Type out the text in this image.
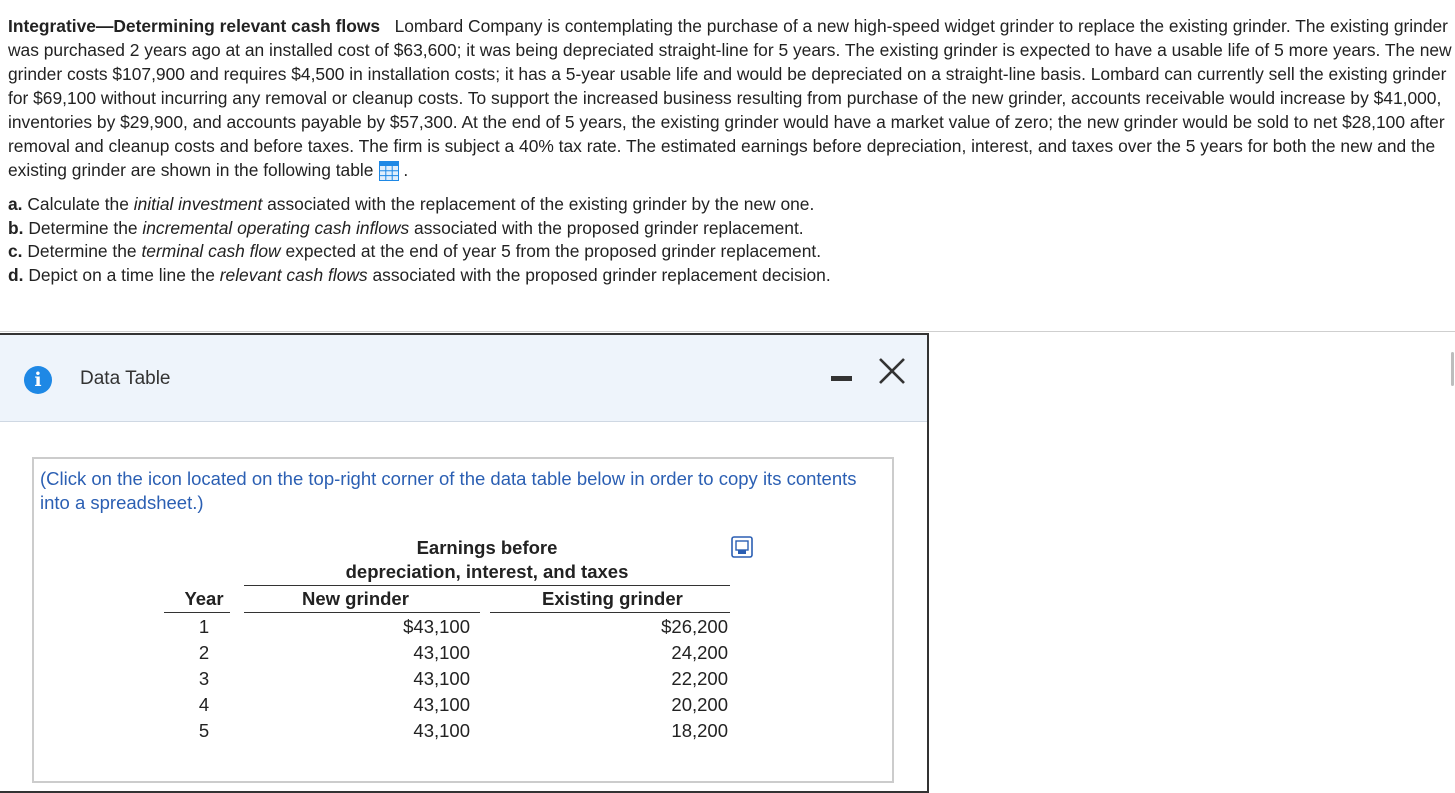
Integrative—Determining relevant cash flows Lombard Company is contemplating the purchase of a new high-speed widget grinder to replace the existing grinder. The existing grinder was purchased 2 years ago at an installed cost of $63,600; it was being depreciated straight-line for 5 years. The existing grinder is expected to have a usable life of 5 more years. The new grinder costs $107,900 and requires $4,500 in installation costs; it has a 5-year usable life and would be depreciated on a straight-line basis. Lombard can currently sell the existing grinder for $69,100 without incurring any removal or cleanup costs. To support the increased business resulting from purchase of the new grinder, accounts receivable would increase by $41,000, inventories by $29,900, and accounts payable by $57,300. At the end of 5 years, the existing grinder would have a market value of zero; the new grinder would be sold to net $28,100 after removal and cleanup costs and before taxes. The firm is subject a 40% tax rate. The estimated earnings before depreciation, interest, and taxes over the 5 years for both the new and the existing grinder are shown in the following table .

a. Calculate the initial investment associated with the replacement of the existing grinder by the new one.
b. Determine the incremental operating cash inflows associated with the proposed grinder replacement.
c. Determine the terminal cash flow expected at the end of year 5 from the proposed grinder replacement.
d. Depict on a time line the relevant cash flows associated with the proposed grinder replacement decision.
i	Data Table
(Click on the icon located on the top-right corner of the data table below in order to copy its contents into a spreadsheet.)
Earnings before
depreciation, interest, and taxes
Year	New grinder	Existing grinder
1	$43,100	$26,200
2	43,100	24,200
3	43,100	22,200
4	43,100	20,200
5	43,100	18,200
